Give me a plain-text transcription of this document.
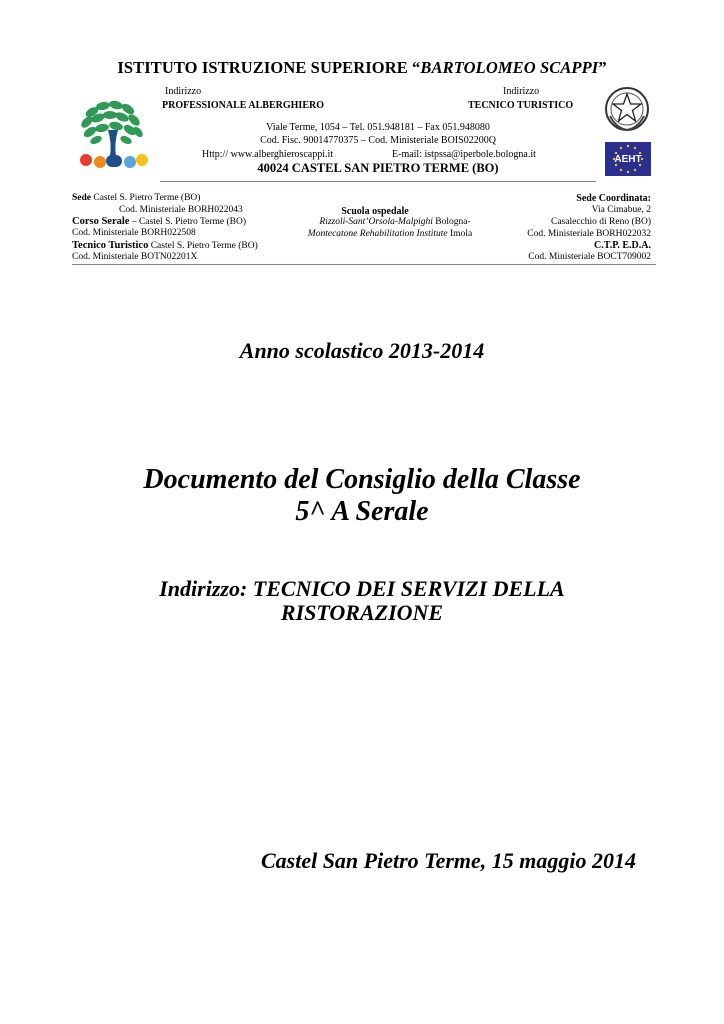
ISTITUTO ISTRUZIONE SUPERIORE “BARTOLOMEO SCAPPI”
Indirizzo
PROFESSIONALE ALBERGHIERO
Indirizzo
TECNICO TURISTICO
Viale Terme, 1054 – Tel. 051.948181 – Fax 051.948080
Cod. Fisc. 90014770375 – Cod. Ministeriale BOIS02200Q
Http:// www.alberghieroscappi.it	E-mail: istpssa@iperbole.bologna.it
40024 CASTEL SAN PIETRO TERME (BO)
AEHT
Sede Castel S. Pietro Terme (BO)
Cod. Ministeriale BORH022043
Corso Serale – Castel S. Pietro Terme (BO)
Cod. Ministeriale BORH022508
Tecnico Turistico Castel S. Pietro Terme (BO)
Cod. Ministeriale BOTN02201X
Scuola ospedale
Rizzoli-Sant’Orsola-Malpighi Bologna-
Montecatone Rehabilitation Institute Imola
Sede Coordinata:
Via Cimabue, 2
Casalecchio di Reno (BO)
Cod. Ministeriale BORH022032
C.T.P. E.D.A.
Cod. Ministeriale BOCT709002
Anno scolastico 2013-2014
Documento del Consiglio della Classe
5^ A Serale
Indirizzo: TECNICO DEI SERVIZI DELLA
RISTORAZIONE
Castel San Pietro Terme, 15 maggio 2014
